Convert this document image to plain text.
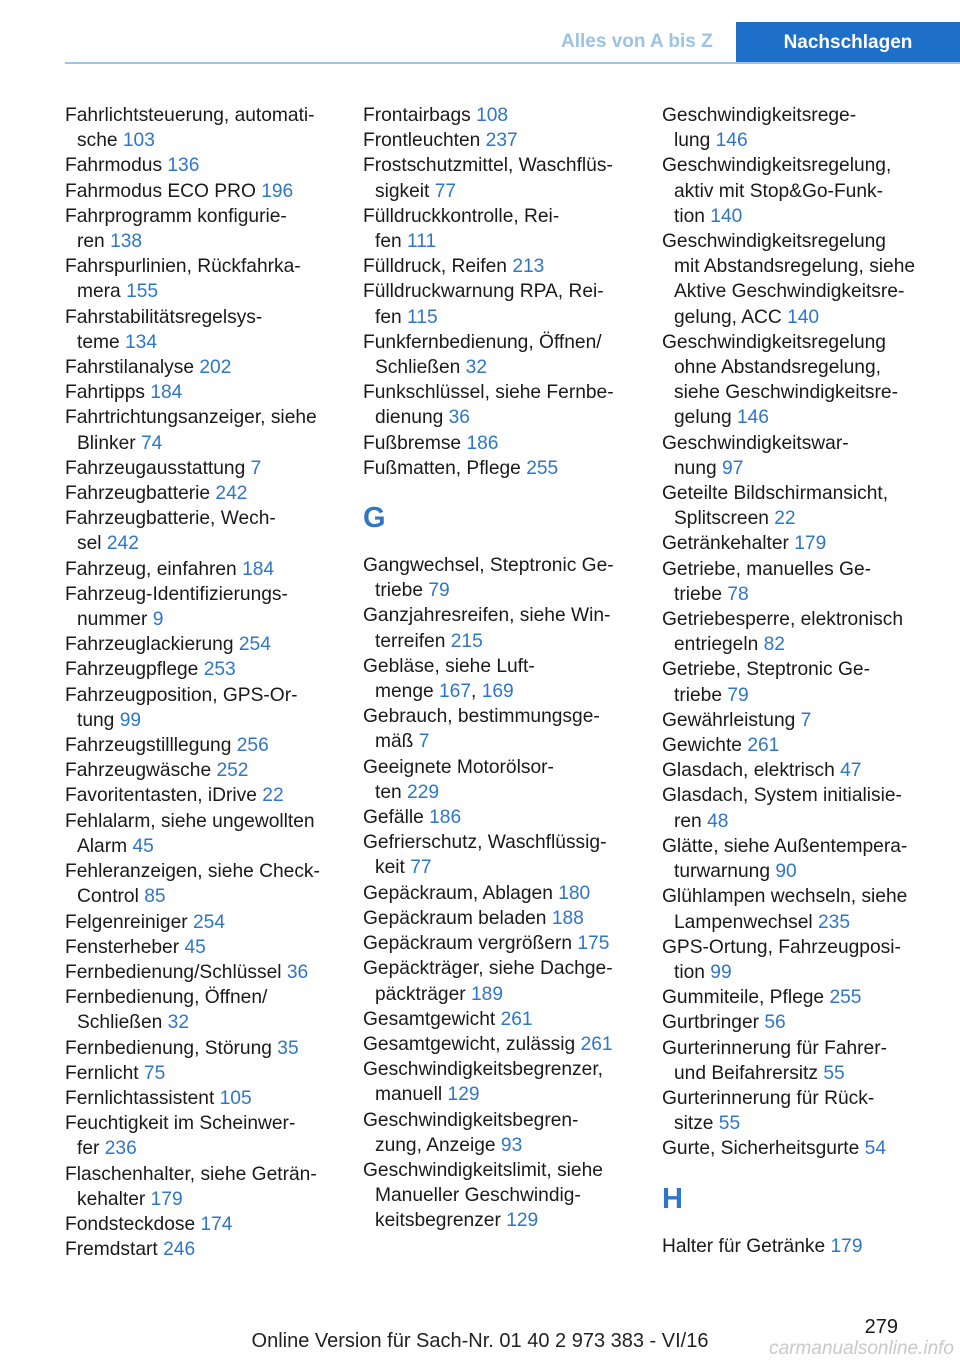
Alles von A bis Z	Nachschlagen
Fahrlichtsteuerung, automati-
sche 103
Fahrmodus 136
Fahrmodus ECO PRO 196
Fahrprogramm konfigurie-
ren 138
Fahrspurlinien, Rückfahrka-
mera 155
Fahrstabilitätsregelsys-
teme 134
Fahrstilanalyse 202
Fahrtipps 184
Fahrtrichtungsanzeiger, siehe
Blinker 74
Fahrzeugausstattung 7
Fahrzeugbatterie 242
Fahrzeugbatterie, Wech-
sel 242
Fahrzeug, einfahren 184
Fahrzeug-Identifizierungs-
nummer 9
Fahrzeuglackierung 254
Fahrzeugpflege 253
Fahrzeugposition, GPS-Or-
tung 99
Fahrzeugstilllegung 256
Fahrzeugwäsche 252
Favoritentasten, iDrive 22
Fehlalarm, siehe ungewollten
Alarm 45
Fehleranzeigen, siehe Check-
Control 85
Felgenreiniger 254
Fensterheber 45
Fernbedienung/Schlüssel 36
Fernbedienung, Öffnen/
Schließen 32
Fernbedienung, Störung 35
Fernlicht 75
Fernlichtassistent 105
Feuchtigkeit im Scheinwer-
fer 236
Flaschenhalter, siehe Geträn-
kehalter 179
Fondsteckdose 174
Fremdstart 246
Frontairbags 108
Frontleuchten 237
Frostschutzmittel, Waschflüs-
sigkeit 77
Fülldruckkontrolle, Rei-
fen 111
Fülldruck, Reifen 213
Fülldruckwarnung RPA, Rei-
fen 115
Funkfernbedienung, Öffnen/
Schließen 32
Funkschlüssel, siehe Fernbe-
dienung 36
Fußbremse 186
Fußmatten, Pflege 255
G
Gangwechsel, Steptronic Ge-
triebe 79
Ganzjahresreifen, siehe Win-
terreifen 215
Gebläse, siehe Luft-
menge 167, 169
Gebrauch, bestimmungsge-
mäß 7
Geeignete Motorölsor-
ten 229
Gefälle 186
Gefrierschutz, Waschflüssig-
keit 77
Gepäckraum, Ablagen 180
Gepäckraum beladen 188
Gepäckraum vergrößern 175
Gepäckträger, siehe Dachge-
päckträger 189
Gesamtgewicht 261
Gesamtgewicht, zulässig 261
Geschwindigkeitsbegrenzer,
manuell 129
Geschwindigkeitsbegren-
zung, Anzeige 93
Geschwindigkeitslimit, siehe
Manueller Geschwindig-
keitsbegrenzer 129
Geschwindigkeitsrege-
lung 146
Geschwindigkeitsregelung,
aktiv mit Stop&Go-Funk-
tion 140
Geschwindigkeitsregelung
mit Abstandsregelung, siehe
Aktive Geschwindigkeitsre-
gelung, ACC 140
Geschwindigkeitsregelung
ohne Abstandsregelung,
siehe Geschwindigkeitsre-
gelung 146
Geschwindigkeitswar-
nung 97
Geteilte Bildschirmansicht,
Splitscreen 22
Getränkehalter 179
Getriebe, manuelles Ge-
triebe 78
Getriebesperre, elektronisch
entriegeln 82
Getriebe, Steptronic Ge-
triebe 79
Gewährleistung 7
Gewichte 261
Glasdach, elektrisch 47
Glasdach, System initialisie-
ren 48
Glätte, siehe Außentempera-
turwarnung 90
Glühlampen wechseln, siehe
Lampenwechsel 235
GPS-Ortung, Fahrzeugposi-
tion 99
Gummiteile, Pflege 255
Gurtbringer 56
Gurterinnerung für Fahrer-
und Beifahrersitz 55
Gurterinnerung für Rück-
sitze 55
Gurte, Sicherheitsgurte 54
H
Halter für Getränke 179
279
Online Version für Sach-Nr. 01 40 2 973 383 - VI/16	carmanualsonline.info
